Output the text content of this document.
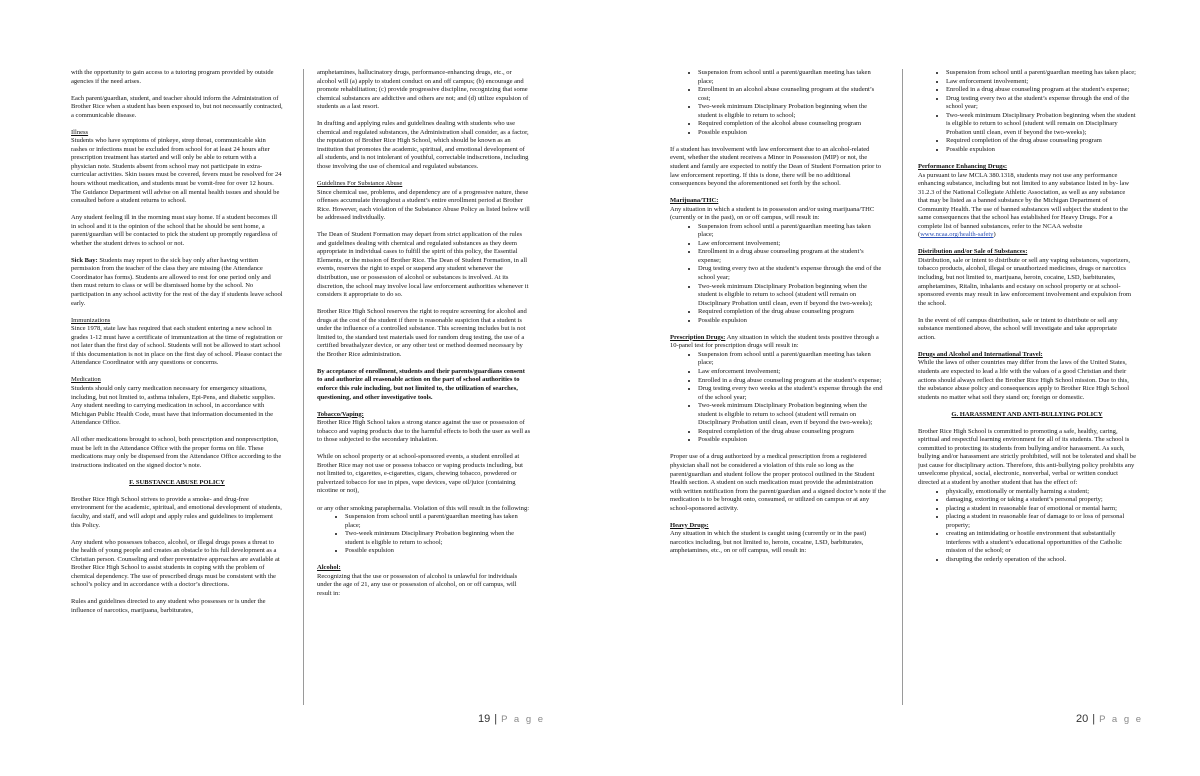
with the opportunity to gain access to a tutoring program provided by outside agencies if the need arises.

Each parent/guardian, student, and teacher should inform the Administration of Brother Rice when a student has been exposed to, but not necessarily contracted, a communicable disease.

Illness

Students who have symptoms of pinkeye, strep throat, communicable skin rashes or infections must be excluded from school for at least 24 hours after prescription treatment has started and will only be able to return with a physician note. Students absent from school may not participate in extra-curricular activities. Skin issues must be covered, fevers must be resolved for 24 hours without medication, and students must be vomit-free for over 12 hours. The Guidance Department will advise on all mental health issues and should be consulted before a student returns to school.

Any student feeling ill in the morning must stay home. If a student becomes ill in school and it is the opinion of the school that he should be sent home, a parent/guardian will be contacted to pick the student up promptly regardless of whether the student drives to school or not.

Sick Bay: Students may report to the sick bay only after having written permission from the teacher of the class they are missing (the Attendance Coordinator has forms). Students are allowed to rest for one period only and then must return to class or will be dismissed home by the school. No participation in any school activity for the rest of the day if students leave school early.

Immunizations

Since 1978, state law has required that each student entering a new school in grades 1-12 must have a certificate of immunization at the time of registration or not later than the first day of school. Students will not be allowed to start school if this documentation is not in place on the first day of school. Please contact the Attendance Coordinator with any questions or concerns.

Medication

Students should only carry medication necessary for emergency situations, including, but not limited to, asthma inhalers, Epi-Pens, and diabetic supplies. Any student needing to carrying medication in school, in accordance with Michigan Public Health Code, must have that information documented in the Attendance Office.

All other medications brought to school, both prescription and nonprescription, must be left in the Attendance Office with the proper forms on file. These medications may only be dispensed from the Attendance Office according to the instructions indicated on the signed doctor’s note.

F. SUBSTANCE ABUSE POLICY

Brother Rice High School strives to provide a smoke- and drug-free environment for the academic, spiritual, and emotional development of students, faculty, and staff, and will adopt and apply rules and guidelines to implement this Policy.

Any student who possesses tobacco, alcohol, or illegal drugs poses a threat to the health of young people and creates an obstacle to his full development as a Christian person. Counseling and other preventative approaches are available at Brother Rice High School to assist students in coping with the problem of chemical dependency. The use of prescribed drugs must be consistent with the school’s policy and in accordance with a doctor’s directions.

Rules and guidelines directed to any student who possesses or is under the influence of narcotics, marijuana, barbiturates,

amphetamines, hallucinatory drugs, performance-enhancing drugs, etc., or alcohol will (a) apply to student conduct on and off campus; (b) encourage and promote rehabilitation; (c) provide progressive discipline, recognizing that some chemical substances are addictive and others are not; and (d) utilize expulsion of students as a last resort.

In drafting and applying rules and guidelines dealing with students who use chemical and regulated substances, the Administration shall consider, as a factor, the reputation of Brother Rice High School, which should be known as an institution that promotes the academic, spiritual, and emotional development of all students, and is not intolerant of youthful, correctable indiscretions, including those involving the use of chemical and regulated substances.

Guidelines For Substance Abuse

Since chemical use, problems, and dependency are of a progressive nature, these offenses accumulate throughout a student’s entire enrollment period at Brother Rice. However, each violation of the Substance Abuse Policy as listed below will be addressed individually.

The Dean of Student Formation may depart from strict application of the rules and guidelines dealing with chemical and regulated substances as they deem appropriate in individual cases to fulfill the spirit of this policy, the Essential Elements, or the mission of Brother Rice. The Dean of Student Formation, in all events, reserves the right to expel or suspend any student whenever the distribution, use or possession of alcohol or substances is involved. At its discretion, the school may involve local law enforcement authorities whenever it considers it appropriate to do so.

Brother Rice High School reserves the right to require screening for alcohol and drugs at the cost of the student if there is reasonable suspicion that a student is under the influence of a controlled substance. This screening includes but is not limited to, the standard test materials used for random drug testing, the use of a certified breathalyzer device, or any other test or method deemed necessary by the Brother Rice administration.

By acceptance of enrollment, students and their parents/guardians consent to and authorize all reasonable action on the part of school authorities to enforce this rule including, but not limited to, the utilization of searches, questioning, and other investigative tools.

Tobacco/Vaping:

Brother Rice High School takes a strong stance against the use or possession of tobacco and vaping products due to the harmful effects to both the user as well as to those subjected to the secondary inhalation.

While on school property or at school-sponsored events, a student enrolled at Brother Rice may not use or possess tobacco or vaping products including, but not limited to, cigarettes, e-cigarettes, cigars, chewing tobacco, powdered or pulverized tobacco for use in pipes, vape devices, vape oil/juice (containing nicotine or not),

or any other smoking paraphernalia. Violation of this will result in the following:

• Suspension from school until a parent/guardian meeting has taken place;
• Two-week minimum Disciplinary Probation beginning when the student is eligible to return to school;
• Possible expulsion
Alcohol:

Recognizing that the use or possession of alcohol is unlawful for individuals under the age of 21, any use or possession of alcohol, on or off campus, will result in:

19 | P a g e
• Suspension from school until a parent/guardian meeting has taken place;
• Enrollment in an alcohol abuse counseling program at the student’s cost;
• Two-week minimum Disciplinary Probation beginning when the student is eligible to return to school;
• Required completion of the alcohol abuse counseling program
• Possible expulsion

If a student has involvement with law enforcement due to an alcohol-related event, whether the student receives a Minor in Possession (MIP) or not, the student and family are expected to notify the Dean of Student Formation prior to law enforcement reporting. If this is done, there will be no additional consequences beyond the aforementioned set forth by the school.

Marijuana/THC:

Any situation in which a student is in possession and/or using marijuana/THC (currently or in the past), on or off campus, will result in:

• Suspension from school until a parent/guardian meeting has taken place;
• Law enforcement involvement;
• Enrollment in a drug abuse counseling program at the student’s expense;
• Drug testing every two at the student’s expense through the end of the school year;
• Two-week minimum Disciplinary Probation beginning when the student is eligible to return to school (student will remain on Disciplinary Probation until clean, even if beyond the two-weeks);
• Required completion of the drug abuse counseling program
• Possible expulsion

Prescription Drugs: Any situation in which the student tests positive through a 10-panel test for prescription drugs will result in:

• Suspension from school until a parent/guardian meeting has taken place;
• Law enforcement involvement;
• Enrolled in a drug abuse counseling program at the student’s expense;
• Drug testing every two weeks at the student’s expense through the end of the school year;
• Two-week minimum Disciplinary Probation beginning when the student is eligible to return to school (student will remain on Disciplinary Probation until clean, even if beyond the two-weeks);
• Required completion of the drug abuse counseling program
• Possible expulsion

Proper use of a drug authorized by a medical prescription from a registered physician shall not be considered a violation of this rule so long as the parent/guardian and student follow the proper protocol outlined in the Student Health section. A student on such medication must provide the administration with written notification from the parent/guardian and a signed doctor’s note if the medication is to be brought onto, consumed, or utilized on campus or at any school-sponsored activity.

Heavy Drugs:

Any situation in which the student is caught using (currently or in the past) narcotics including, but not limited to, heroin, cocaine, LSD, barbiturates, amphetamines, etc., on or off campus, will result in:

• Suspension from school until a parent/guardian meeting has taken place;
• Law enforcement involvement;
• Enrolled in a drug abuse counseling program at the student’s expense;
• Drug testing every two at the student’s expense through the end of the school year;
• Two-week minimum Disciplinary Probation beginning when the student is eligible to return to school (student will remain on Disciplinary Probation until clean, even if beyond the two-weeks);
• Required completion of the drug abuse counseling program
• Possible expulsion
Performance Enhancing Drugs:

As pursuant to law MCLA 380.1318, students may not use any performance enhancing substance, including but not limited to any substance listed in by- law 31.2.3 of the National Collegiate Athletic Association, as well as any substance that may be listed as a banned substance by the Michigan Department of Community Health. The use of banned substances will subject the student to the same consequences that the school has established for Heavy Drugs. For a complete list of banned substances, refer to the NCAA website (www.ncaa.org/health-safety)

Distribution and/or Sale of Substances:

Distribution, sale or intent to distribute or sell any vaping substances, vaporizers, tobacco products, alcohol, illegal or unauthorized medicines, drugs or narcotics including, but not limited to, marijuana, heroin, cocaine, LSD, barbiturates, amphetamines, Ritalin, inhalants and ecstasy on school property or at school-sponsored events may result in law enforcement involvement and expulsion from the school.

In the event of off campus distribution, sale or intent to distribute or sell any substance mentioned above, the school will investigate and take appropriate action.

Drugs and Alcohol and International Travel:

While the laws of other countries may differ from the laws of the United States, students are expected to lead a life with the values of a good Christian and their actions should always reflect the Brother Rice High School mission. Due to this, the substance abuse policy and consequences apply to Brother Rice High School students no matter what soil they stand on; foreign or domestic.

G. HARASSMENT AND ANTI-BULLYING POLICY

Brother Rice High School is committed to promoting a safe, healthy, caring, spiritual and respectful learning environment for all of its students. The school is committed to protecting its students from bullying and/or harassment. As such, bullying and/or harassment are strictly prohibited, will not be tolerated and shall be just cause for disciplinary action. Therefore, this anti-bullying policy prohibits any unwelcome physical, social, electronic, nonverbal, verbal or written conduct directed at a student by another student that has the effect of:

• physically, emotionally or mentally harming a student;
• damaging, extorting or taking a student’s personal property;
• placing a student in reasonable fear of emotional or mental harm;
• placing a student in reasonable fear of damage to or loss of personal property;
• creating an intimidating or hostile environment that substantially interferes with a student’s educational opportunities of the Catholic mission of the school; or
• disrupting the orderly operation of the school.
20 | P a g e
